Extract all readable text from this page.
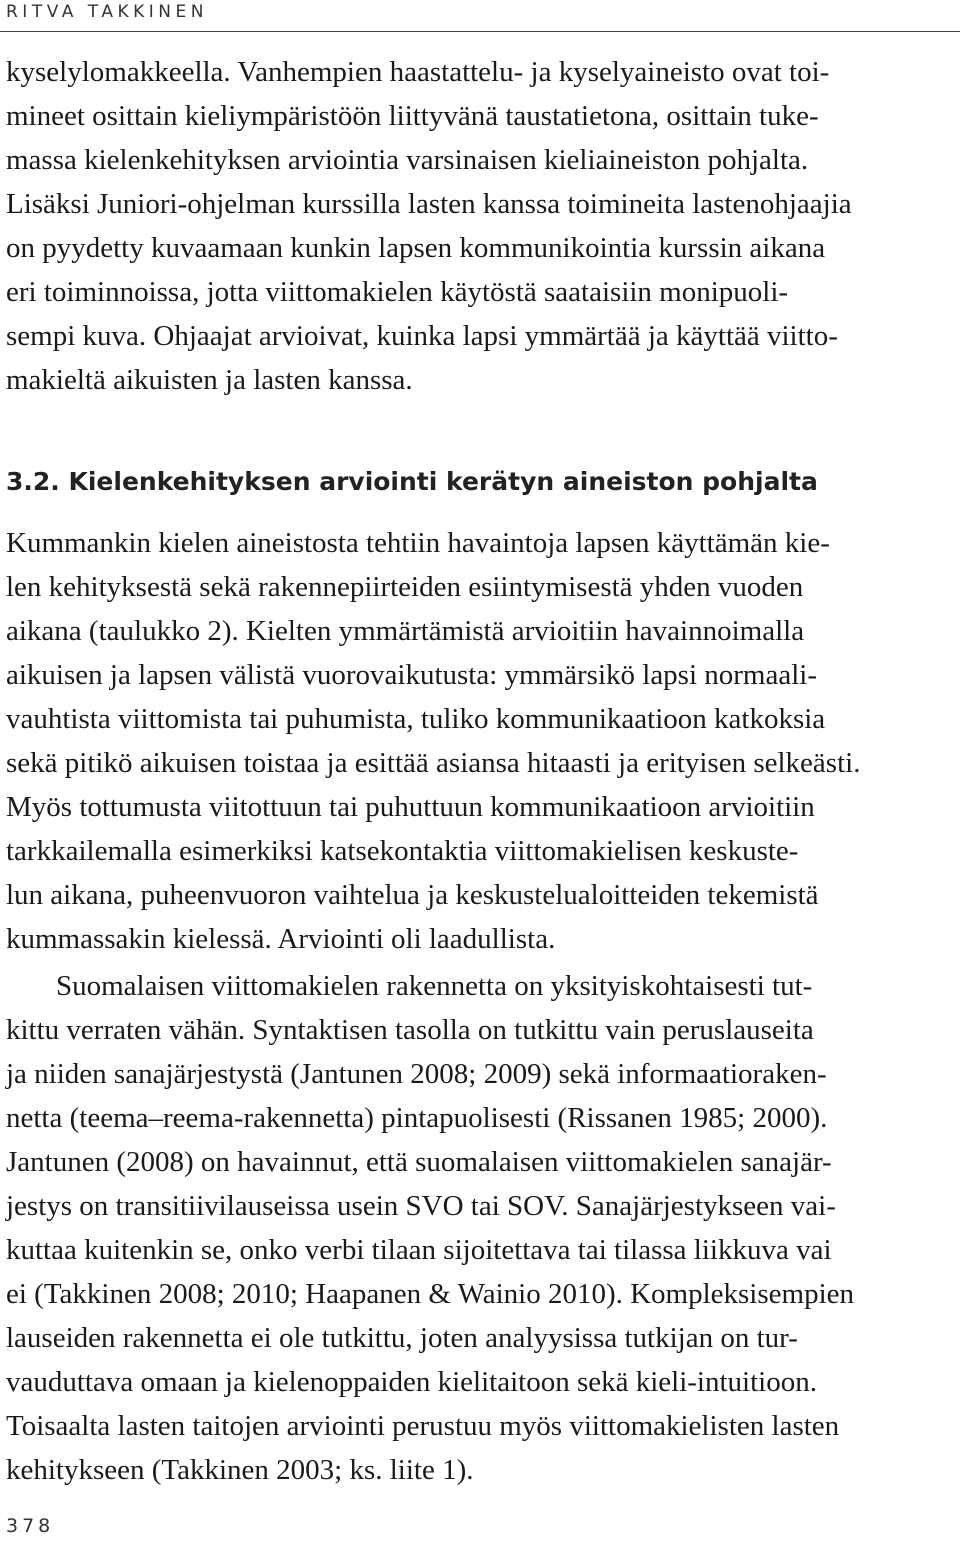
RITVA TAKKINEN
kyselylomakkeella. Vanhempien haastattelu- ja kyselyaineisto ovat toi-
mineet osittain kieliympäristöön liittyvänä taustatietona, osittain tuke-
massa kielenkehityksen arviointia varsinaisen kieliaineiston pohjalta.
Lisäksi Juniori-ohjelman kurssilla lasten kanssa toimineita lastenohjaajia
on pyydetty kuvaamaan kunkin lapsen kommunikointia kurssin aikana
eri toiminnoissa, jotta viittomakielen käytöstä saataisiin monipuoli-
sempi kuva. Ohjaajat arvioivat, kuinka lapsi ymmärtää ja käyttää viitto-
makieltä aikuisten ja lasten kanssa.
3.2. Kielenkehityksen arviointi kerätyn aineiston pohjalta
Kummankin kielen aineistosta tehtiin havaintoja lapsen käyttämän kie-
len kehityksestä sekä rakennepiirteiden esiintymisestä yhden vuoden
aikana (taulukko 2). Kielten ymmärtämistä arvioitiin havainnoimalla
aikuisen ja lapsen välistä vuorovaikutusta: ymmärsikö lapsi normaali-
vauhtista viittomista tai puhumista, tuliko kommunikaatioon katkoksia
sekä pitikö aikuisen toistaa ja esittää asiansa hitaasti ja erityisen selkeästi.
Myös tottumusta viitottuun tai puhuttuun kommunikaatioon arvioitiin
tarkkailemalla esimerkiksi katsekontaktia viittomakielisen keskuste-
lun aikana, puheenvuoron vaihtelua ja keskustelualoitteiden tekemistä
kummassakin kielessä. Arviointi oli laadullista.
Suomalaisen viittomakielen rakennetta on yksityiskohtaisesti tut-
kittu verraten vähän. Syntaktisen tasolla on tutkittu vain peruslauseita
ja niiden sanajärjestystä (Jantunen 2008; 2009) sekä informaatioraken-
netta (teema–reema-rakennetta) pintapuolisesti (Rissanen 1985; 2000).
Jantunen (2008) on havainnut, että suomalaisen viittomakielen sanajär-
jestys on transitiivilauseissa usein SVO tai SOV. Sanajärjestykseen vai-
kuttaa kuitenkin se, onko verbi tilaan sijoitettava tai tilassa liikkuva vai
ei (Takkinen 2008; 2010; Haapanen & Wainio 2010). Kompleksisempien
lauseiden rakennetta ei ole tutkittu, joten analyysissa tutkijan on tur-
vauduttava omaan ja kielenoppaiden kielitaitoon sekä kieli-intuitioon.
Toisaalta lasten taitojen arviointi perustuu myös viittomakielisten lasten
kehitykseen (Takkinen 2003; ks. liite 1).
378
